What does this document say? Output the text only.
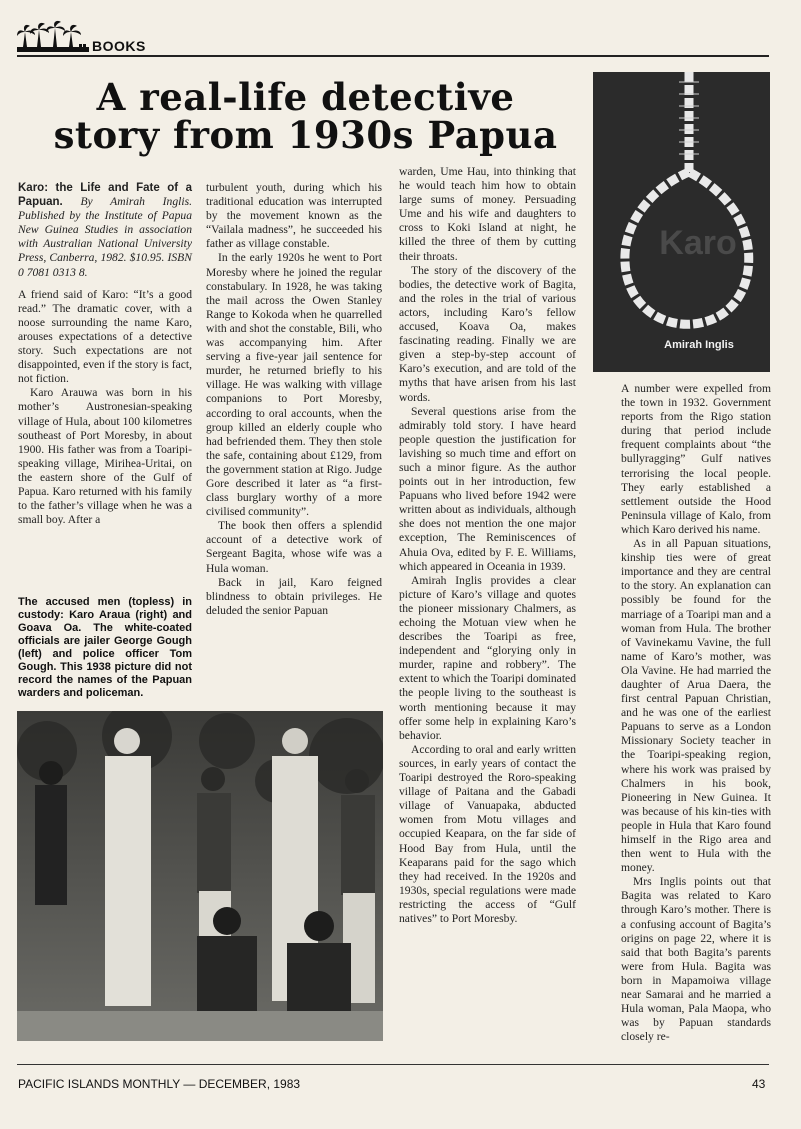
BOOKS
A real-life detective
story from 1930s Papua

Karo: the Life and Fate of a Papuan. By Amirah Inglis. Published by the Institute of Papua New Guinea Studies in association with Australian National University Press, Canberra, 1982. $10.95. ISBN 0 7081 0313 8.

A friend said of Karo: “It’s a good read.” The dramatic cover, with a noose surrounding the name Karo, arouses expectations of a detective story. Such expectations are not disappointed, even if the story is fact, not fiction.

Karo Arauwa was born in his mother’s Austronesian-speaking village of Hula, about 100 kilometres southeast of Port Moresby, in about 1900. His father was from a Toaripi-speaking village, Mirihea-Uritai, on the eastern shore of the Gulf of Papua. Karo returned with his family to the father’s village when he was a small boy. After a

The accused men (topless) in custody: Karo Araua (right) and Goava Oa. The white-coated officials are jailer George Gough (left) and police officer Tom Gough. This 1938 picture did not record the names of the Papuan warders and policeman.

turbulent youth, during which his traditional education was interrupted by the movement known as the “Vailala madness”, he succeeded his father as village constable.

In the early 1920s he went to Port Moresby where he joined the regular constabulary. In 1928, he was taking the mail across the Owen Stanley Range to Kokoda when he quarrelled with and shot the constable, Bili, who was accompanying him. After serving a five-year jail sentence for murder, he returned briefly to his village. He was walking with village companions to Port Moresby, according to oral accounts, when the group killed an elderly couple who had befriended them. They then stole the safe, containing about £129, from the government station at Rigo. Judge Gore described it later as “a first-class burglary worthy of a more civilised community”.

The book then offers a splendid account of a detective work of Sergeant Bagita, whose wife was a Hula woman.

Back in jail, Karo feigned blindness to obtain privileges. He deluded the senior Papuan

warden, Ume Hau, into thinking that he would teach him how to obtain large sums of money. Persuading Ume and his wife and daughters to cross to Koki Island at night, he killed the three of them by cutting their throats.

The story of the discovery of the bodies, the detective work of Bagita, and the roles in the trial of various actors, including Karo’s fellow accused, Koava Oa, makes fascinating reading. Finally we are given a step-by-step account of Karo’s execution, and are told of the myths that have arisen from his last words.

Several questions arise from the admirably told story. I have heard people question the justification for lavishing so much time and effort on such a minor figure. As the author points out in her introduction, few Papuans who lived before 1942 were written about as individuals, although she does not mention the one major exception, The Reminiscences of Ahuia Ova, edited by F. E. Williams, which appeared in Oceania in 1939.

Amirah Inglis provides a clear picture of Karo’s village and quotes the pioneer missionary Chalmers, as echoing the Motuan view when he describes the Toaripi as free, independent and “glorying only in murder, rapine and robbery”. The extent to which the Toaripi dominated the people living to the southeast is worth mentioning because it may offer some help in explaining Karo’s behavior.

According to oral and early written sources, in early years of contact the Toaripi destroyed the Roro-speaking village of Paitana and the Gabadi village of Vanuapaka, abducted women from Motu villages and occupied Keapara, on the far side of Hood Bay from Hula, until the Keaparans paid for the sago which they had received. In the 1920s and 1930s, special regulations were made restricting the access of “Gulf natives” to Port Moresby.

Karo
Amirah Inglis

A number were expelled from the town in 1932. Government reports from the Rigo station during that period include frequent complaints about “the bullyragging” Gulf natives terrorising the local people. They early established a settlement outside the Hood Peninsula village of Kalo, from which Karo derived his name.

As in all Papuan situations, kinship ties were of great importance and they are central to the story. An explanation can possibly be found for the marriage of a Toaripi man and a woman from Hula. The brother of Vavinekamu Vavine, the full name of Karo’s mother, was Ola Vavine. He had married the daughter of Arua Daera, the first central Papuan Christian, and he was one of the earliest Papuans to serve as a London Missionary Society teacher in the Toaripi-speaking region, where his work was praised by Chalmers in his book, Pioneering in New Guinea. It was because of his kin-ties with people in Hula that Karo found himself in the Rigo area and then went to Hula with the money.

Mrs Inglis points out that Bagita was related to Karo through Karo’s mother. There is a confusing account of Bagita’s origins on page 22, where it is said that both Bagita’s parents were from Hula. Bagita was born in Mapamoiwa village near Samarai and he married a Hula woman, Pala Maopa, who was by Papuan standards closely re-

PACIFIC ISLANDS MONTHLY — DECEMBER, 1983	43
